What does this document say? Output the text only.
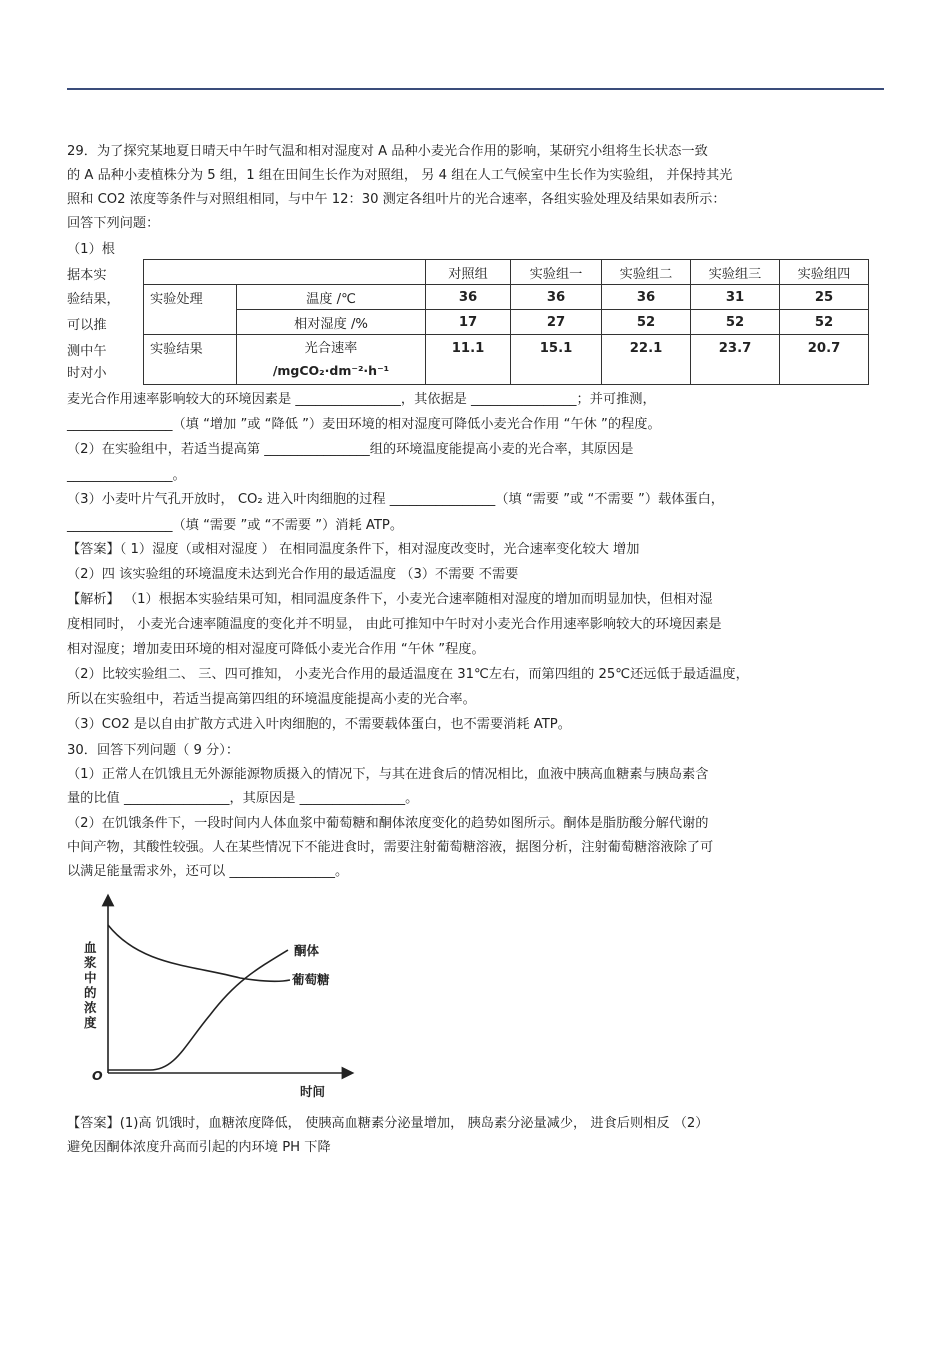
29．为了探究某地夏日晴天中午时气温和相对湿度对 A 品种小麦光合作用的影响，某研究小组将生长状态一致
的 A 品种小麦植株分为 5 组，1 组在田间生长作为对照组， 另 4 组在人工气候室中生长作为实验组， 并保持其光
照和 CO2 浓度等条件与对照组相同，与中午 12：30 测定各组叶片的光合速率，各组实验处理及结果如表所示：
回答下列问题：
（1）根
据本实
验结果，
可以推
测中午
时对小
		对照组	实验组一	实验组二	实验组三	实验组四
实验处理	温度 /℃	36	36	36	31	25
	相对湿度 /%	17	27	52	52	52
实验结果	光合速率
/mgCO₂·dm⁻²·h⁻¹	11.1	15.1	22.1	23.7	20.7
麦光合作用速率影响较大的环境因素是 ________________，其依据是 ________________；并可推测，
________________（填 “增加 ”或 “降低 ”）麦田环境的相对湿度可降低小麦光合作用 “午休 ”的程度。
（2）在实验组中，若适当提高第 ________________组的环境温度能提高小麦的光合率，其原因是
________________。
（3）小麦叶片气孔开放时， CO₂ 进入叶肉细胞的过程 ________________（填 “需要 ”或 “不需要 ”）载体蛋白，
________________（填 “需要 ”或 “不需要 ”）消耗 ATP。
【答案】（ 1）湿度（或相对湿度 ） 在相同温度条件下，相对湿度改变时，光合速率变化较大 增加
（2）四 该实验组的环境温度未达到光合作用的最适温度 （3）不需要 不需要
【解析】 （1）根据本实验结果可知，相同温度条件下，小麦光合速率随相对湿度的增加而明显加快，但相对湿
度相同时， 小麦光合速率随温度的变化并不明显， 由此可推知中午时对小麦光合作用速率影响较大的环境因素是
相对湿度；增加麦田环境的相对湿度可降低小麦光合作用 “午休 ”程度。
（2）比较实验组二、 三、四可推知， 小麦光合作用的最适温度在 31℃左右，而第四组的 25℃还远低于最适温度，
所以在实验组中，若适当提高第四组的环境温度能提高小麦的光合率。
（3）CO2 是以自由扩散方式进入叶肉细胞的，不需要载体蛋白，也不需要消耗 ATP。
30．回答下列问题（ 9 分）：
（1）正常人在饥饿且无外源能源物质摄入的情况下，与其在进食后的情况相比，血液中胰高血糖素与胰岛素含
量的比值 ________________，其原因是 ________________。
（2）在饥饿条件下，一段时间内人体血浆中葡萄糖和酮体浓度变化的趋势如图所示。酮体是脂肪酸分解代谢的
中间产物，其酸性较强。人在某些情况下不能进食时，需要注射葡萄糖溶液，据图分析，注射葡萄糖溶液除了可
以满足能量需求外，还可以 ________________。
血浆中的浓度
O
时间
酮体
葡萄糖
【答案】(1)高 饥饿时，血糖浓度降低， 使胰高血糖素分泌量增加， 胰岛素分泌量减少， 进食后则相反 （2）
避免因酮体浓度升高而引起的内环境 PH 下降
